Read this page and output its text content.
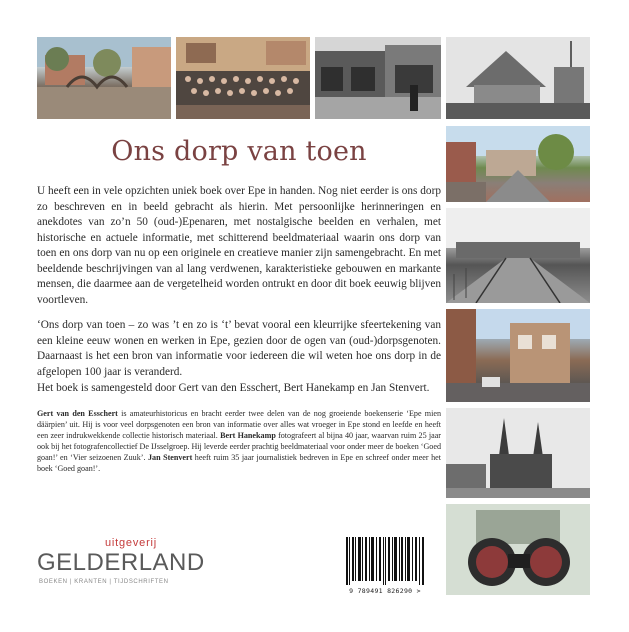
Ons dorp van toen
U heeft een in vele opzichten uniek boek over Epe in handen. Nog niet eerder is ons dorp zo beschreven en in beeld gebracht als hierin. Met persoonlijke herinneringen en anekdotes van zo’n 50 (oud-)Epenaren, met nostalgische beelden en verhalen, met historische en actuele informatie, met schitterend beeldmateriaal waarin ons dorp van toen en ons dorp van nu op een originele en creatieve manier zijn samengebracht. En met beeldende beschrijvingen van al lang verdwenen, karakteristieke gebouwen en markante mensen, die daarmee aan de vergetelheid worden ontrukt en door dit boek eeuwig blijven voortleven.
‘Ons dorp van toen – zo was ’t en zo is ‘t’ bevat vooral een kleurrijke sfeertekening van een kleine eeuw wonen en werken in Epe, gezien door de ogen van (oud-)dorpsgenoten. Daarnaast is het een bron van informatie voor iedereen die wil weten hoe ons dorp in de afgelopen 100 jaar is veranderd.
Het boek is samengesteld door Gert van den Esschert, Bert Hanekamp en Jan Stenvert.
Gert van den Esschert is amateurhistoricus en bracht eerder twee delen van de nog groeiende boekenserie ‘Epe mien däärpien’ uit. Hij is voor veel dorpsgenoten een bron van informatie over alles wat vroeger in Epe stond en leefde en heeft een zeer indrukwekkende collectie historisch materiaal. Bert Hanekamp fotografeert al bijna 40 jaar, waarvan ruim 25 jaar ook bij het fotografencollectief De IJsselgroep. Hij leverde eerder prachtig beeldmateriaal voor onder meer de boeken ‘Goed goan!’ en ‘Vier seizoenen Zuuk’. Jan Stenvert heeft ruim 35 jaar journalistiek bedreven in Epe en schreef onder meer het boek ‘Goed goan!’.
uitgeverij
GELDERLAND
BOEKEN | KRANTEN | TIJDSCHRIFTEN
9 789491 826290 >
